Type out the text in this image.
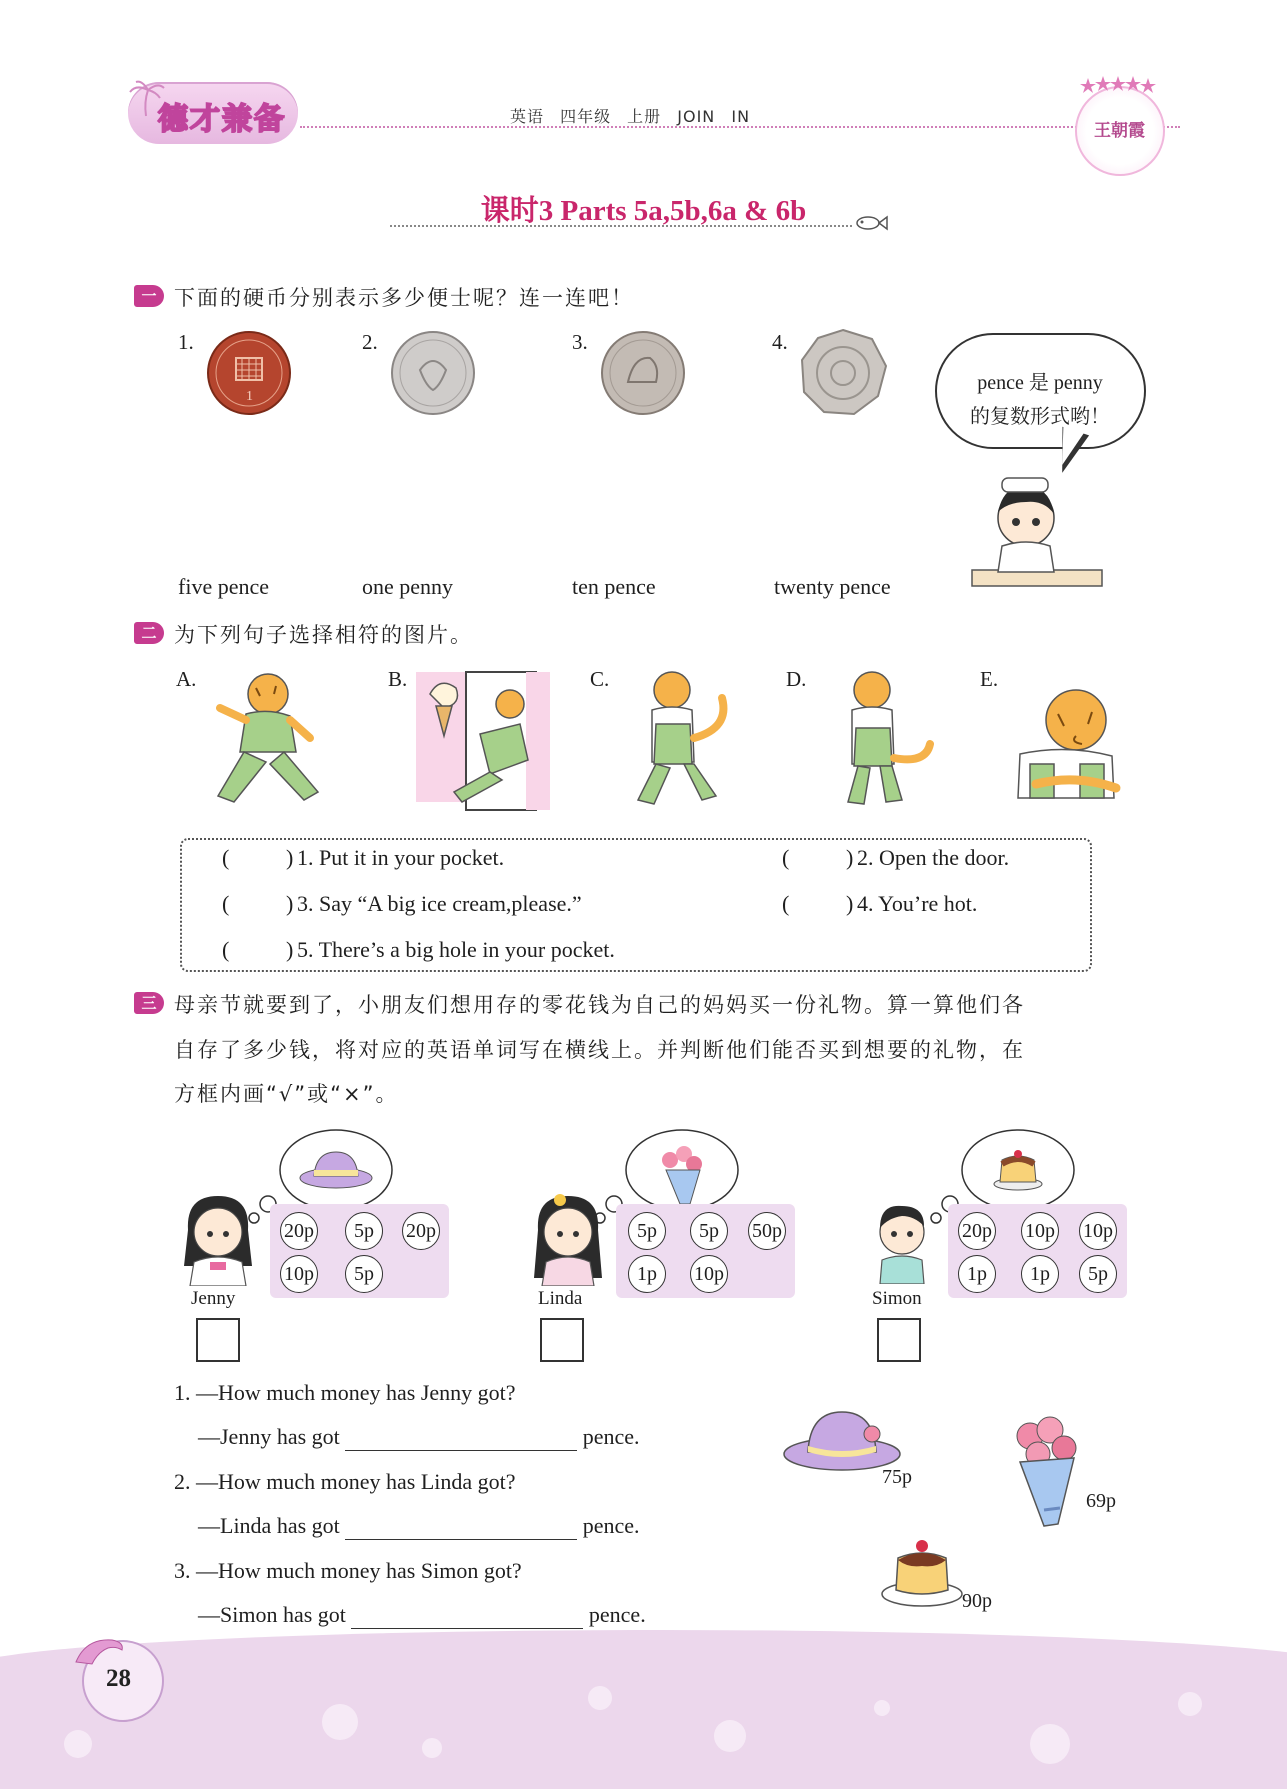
德才兼备	英语 四年级 上册 JOIN IN
王朝霞
课时3 Parts 5a,5b,6a & 6b
一 下面的硬币分别表示多少便士呢？连一连吧！
1.	2.	3.	4.
1
pence 是 penny
的复数形式哟！
five pence	one penny	ten pence	twenty pence
二 为下列句子选择相符的图片。
A.	B.	C.	D.	E.
(	) 1. Put it in your pocket.	(	) 2. Open the door.
(	) 3. Say “A big ice cream,please.”	(	) 4. You’re hot.
(	) 5. There’s a big hole in your pocket.
三 母亲节就要到了，小朋友们想用存的零花钱为自己的妈妈买一份礼物。算一算他们各
自存了多少钱，将对应的英语单词写在横线上。并判断他们能否买到想要的礼物，在
方框内画“√”或“×”。
Jenny
20p	5p	20p
10p	5p
Linda
5p	5p	50p
1p	10p
Simon
20p 10p 10p
1p	1p	5p
1. —How much money has Jenny got?
—Jenny has got	pence.
2. —How much money has Linda got?
—Linda has got	pence.
3. —How much money has Simon got?
—Simon has got	pence.
75p
69p
90p
28
